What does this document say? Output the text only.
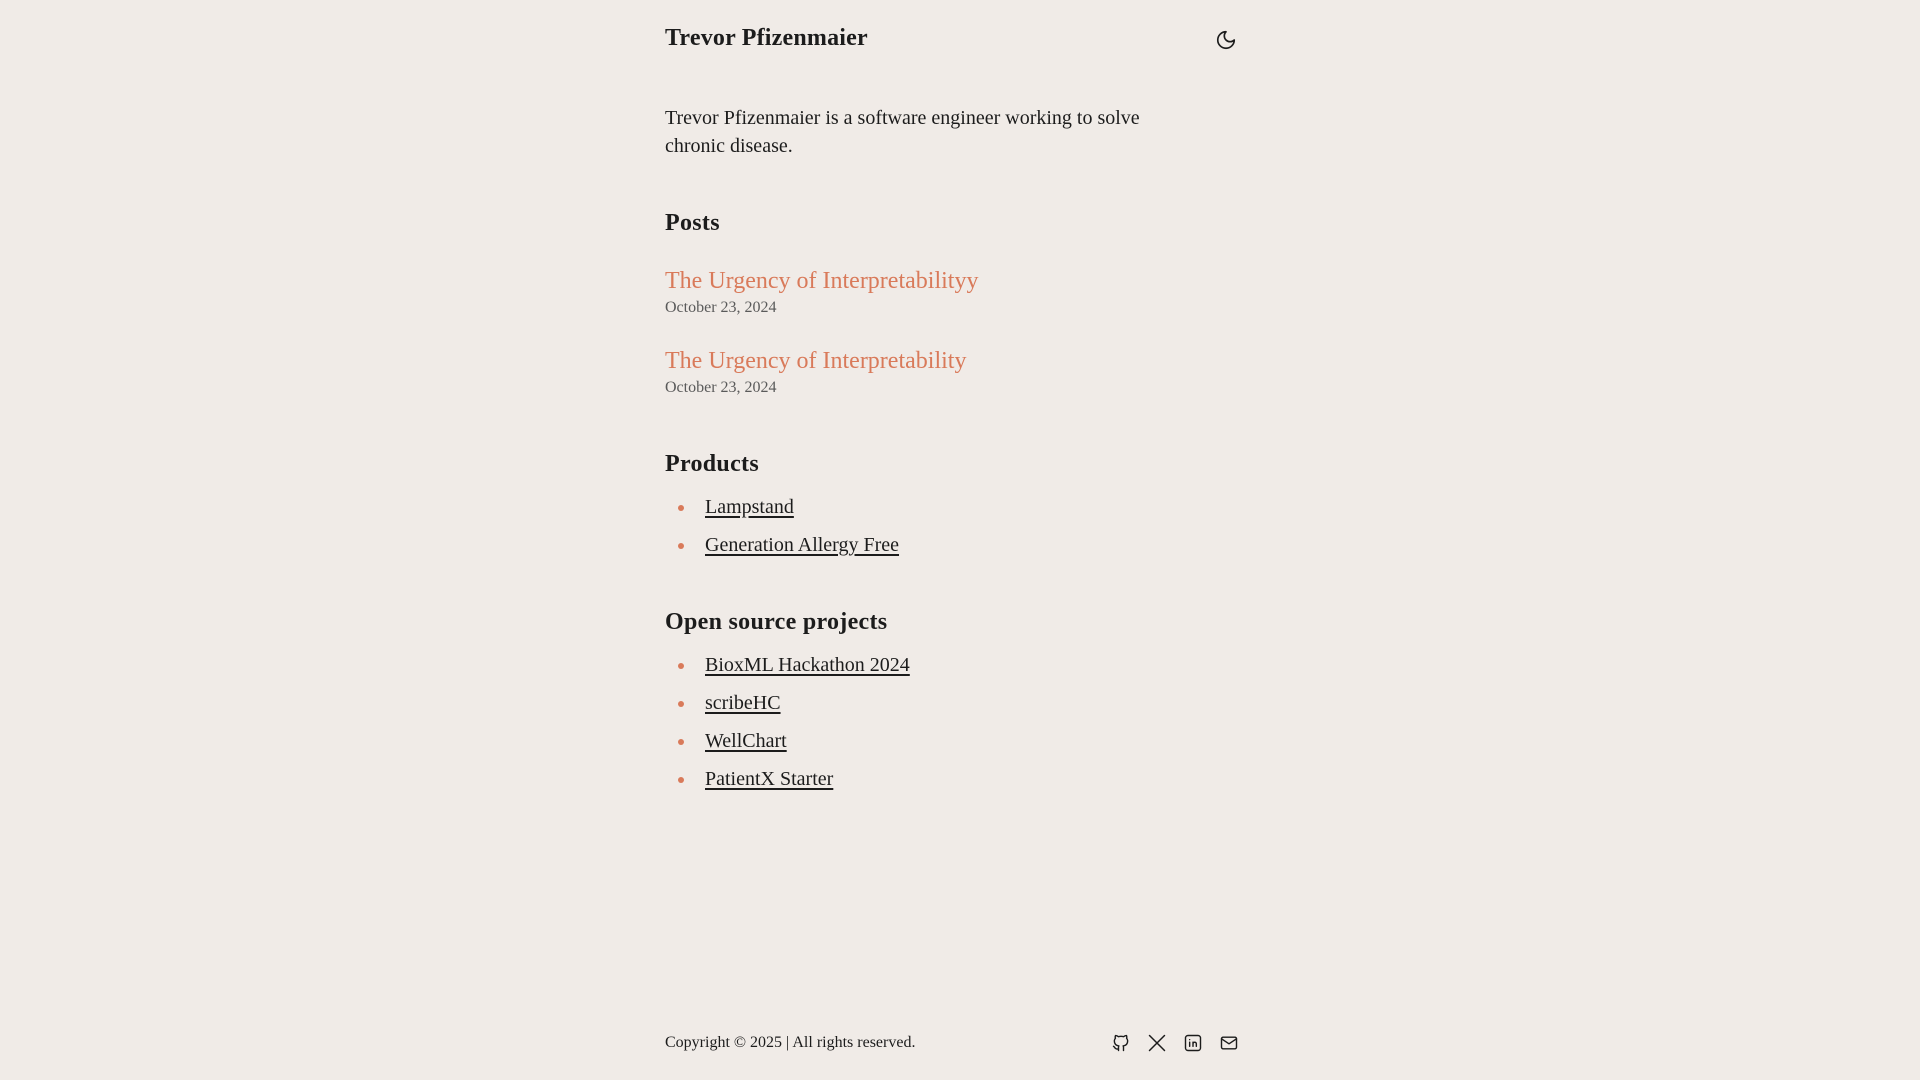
Trevor Pfizenmaier

Trevor Pfizenmaier is a software engineer working to solve chronic disease.

Posts
The Urgency of Interpretabilityy
October 23, 2024
The Urgency of Interpretability
October 23, 2024
Products
Lampstand
Generation Allergy Free
Open source projects
BioxML Hackathon 2024
scribeHC
WellChart
PatientX Starter
Copyright © 2025 | All rights reserved.
